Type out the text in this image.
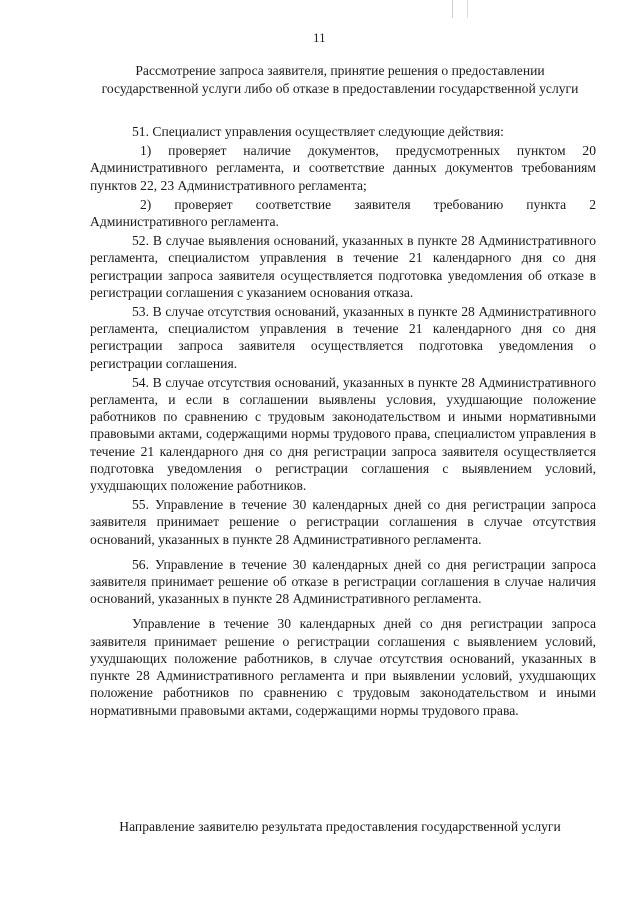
11
Рассмотрение запроса заявителя, принятие решения о предоставлении государственной услуги либо об отказе в предоставлении государственной услуги

51. Специалист управления осуществляет следующие действия:

1) проверяет наличие документов, предусмотренных пунктом 20 Административного регламента, и соответствие данных документов требованиям пунктов 22, 23 Административного регламента;

2) проверяет соответствие заявителя требованию пункта 2 Административного регламента.

52. В случае выявления оснований, указанных в пункте 28 Административного регламента, специалистом управления в течение 21 календарного дня со дня регистрации запроса заявителя осуществляется подготовка уведомления об отказе в регистрации соглашения с указанием основания отказа.

53. В случае отсутствия оснований, указанных в пункте 28 Административного регламента, специалистом управления в течение 21 календарного дня со дня регистрации запроса заявителя осуществляется подготовка уведомления о регистрации соглашения.

54. В случае отсутствия оснований, указанных в пункте 28 Административного регламента, и если в соглашении выявлены условия, ухудшающие положение работников по сравнению с трудовым законодательством и иными нормативными правовыми актами, содержащими нормы трудового права, специалистом управления в течение 21 календарного дня со дня регистрации запроса заявителя осуществляется подготовка уведомления о регистрации соглашения с выявлением условий, ухудшающих положение работников.

55. Управление в течение 30 календарных дней со дня регистрации запроса заявителя принимает решение о регистрации соглашения в случае отсутствия оснований, указанных в пункте 28 Административного регламента.

56. Управление в течение 30 календарных дней со дня регистрации запроса заявителя принимает решение об отказе в регистрации соглашения в случае наличия оснований, указанных в пункте 28 Административного регламента.

Управление в течение 30 календарных дней со дня регистрации запроса заявителя принимает решение о регистрации соглашения с выявлением условий, ухудшающих положение работников, в случае отсутствия оснований, указанных в пункте 28 Административного регламента и при выявлении условий, ухудшающих положение работников по сравнению с трудовым законодательством и иными нормативными правовыми актами, содержащими нормы трудового права.

Направление заявителю результата предоставления государственной услуги
